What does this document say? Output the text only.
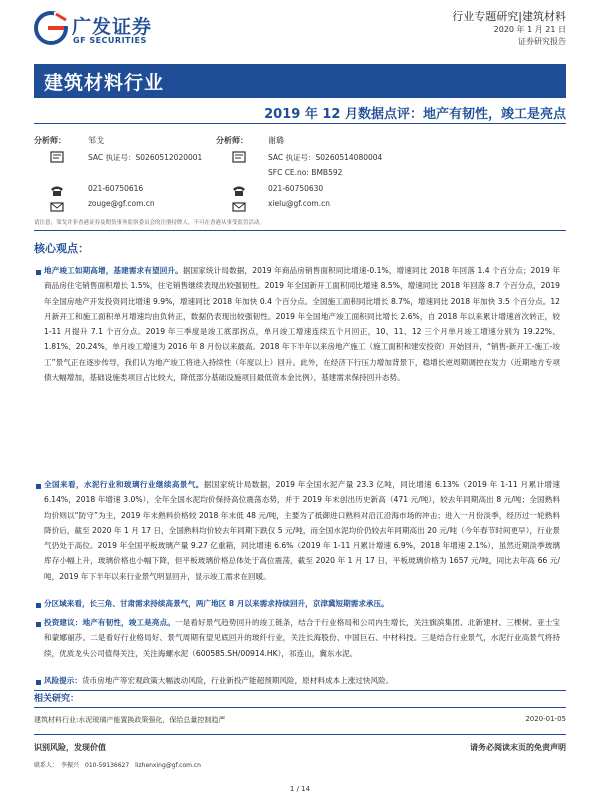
广发证券
GF SECURITIES
行业专题研究|建筑材料
2020 年 1 月 21 日
证券研究报告
建筑材料行业
2019 年 12 月数据点评：地产有韧性，竣工是亮点
分析师：	邹戈
SAC 执证号：S0260512020001
021-60750616
zouge@gf.com.cn
分析师：	谢璐
SAC 执证号：S0260514080004
SFC CE.no: BMB592
021-60750630
xielu@gf.com.cn
请注意，邹戈并非香港证券及期货事务监察委员会的注册持牌人，不可在香港从事受监管活动。
核心观点：
地产竣工如期高增，基建需求有望回升。据国家统计局数据，2019 年商品房销售面积同比增速-0.1%，增速同比 2018 年回落 1.4 个百分点；2019 年商品房住宅销售面积增长 1.5%，住宅销售继续表现出较强韧性。2019 年全国新开工面积同比增速 8.5%，增速同比 2018 年回落 8.7 个百分点，2019 年全国房地产开发投资同比增速 9.9%，增速同比 2018 年加快 0.4 个百分点。全国施工面积同比增长 8.7%，增速同比 2018 年加快 3.5 个百分点。12 月新开工和施工面积单月增速均由负转正，数据仍表现出较强韧性。2019 年全国地产竣工面积同比增长 2.6%，自 2018 年以来累计增速首次转正，较 1-11 月提升 7.1 个百分点。2019 年三季度是竣工底部拐点，单月竣工增速连续五个月回正，10、11、12 三个月单月竣工增速分别为 19.22%、1.81%、20.24%，单月竣工增速为 2016 年 8 月份以来最高。2018 年下半年以来房地产施工（施工面积和建安投资）开始回升，“销售-新开工-施工-竣工”景气正在逐步传导，我们认为地产竣工将进入持续性（年度以上）回升。此外，在经济下行压力增加背景下，稳增长逆周期调控在发力（近期地方专项债大幅增加，基础设施类项目占比较大，降低部分基础设施项目最低资本金比例），基建需求保持回升态势。
全国来看，水泥行业和玻璃行业继续高景气。据国家统计局数据，2019 年全国水泥产量 23.3 亿吨，同比增速 6.13%（2019 年 1-11 月累计增速 6.14%，2018 年增速 3.0%），全年全国水泥均价保持高位震荡态势，并于 2019 年末创出历史新高（471 元/吨），较去年同期高出 8 元/吨；全国熟料均价则以“防守”为主，2019 年末熟料价格较 2018 年末低 48 元/吨，主要为了抵御进口熟料对沿江沿海市场的冲击；进入一月份淡季，经历过一轮熟料降价后，截至 2020 年 1 月 17 日，全国熟料均价较去年同期下跌仅 5 元/吨，而全国水泥均价仍较去年同期高出 20 元/吨（今年春节时间更早），行业景气仍处于高位。2019 年全国平板玻璃产量 9.27 亿重箱，同比增速 6.6%（2019 年 1-11 月累计增速 6.9%，2018 年增速 2.1%），虽然近期淡季玻璃库存小幅上升，玻璃价格也小幅下降，但平板玻璃价格总体处于高位震荡，截至 2020 年 1 月 17 日，平板玻璃价格为 1657 元/吨，同比去年高 66 元/吨，2019 年下半年以来行业景气明显回升，显示竣工需求在回暖。
分区域来看，长三角、甘肃需求持续高景气，两广地区 8 月以来需求持续回升，京津冀短期需求承压。
投资建议：地产有韧性，竣工是亮点。一是看好景气趋势回升的竣工链条，结合于行业格局和公司内生增长，关注旗滨集团、北新建材、三棵树、亚士宝和蒙娜丽莎。二是看好行业格局好、景气周期有望见底回升的玻纤行业，关注长海股份、中国巨石、中材科技。三是结合行业景气，水泥行业高景气将持续，优质龙头公司值得关注，关注海螺水泥（600585.SH/00914.HK），祁连山，冀东水泥。
风险提示：货币房地产等宏观政策大幅波动风险，行业新投产能超预期风险，原材料成本上涨过快风险。
相关研究：
建筑材料行业:水泥玻璃产能置换政策强化，保给总量控制趋严	2020-01-05
识别风险，发现价值	请务必阅读末页的免责声明
联系人：　李振兴　010-59136627　lizhenxing@gf.com.cn
1 / 14
